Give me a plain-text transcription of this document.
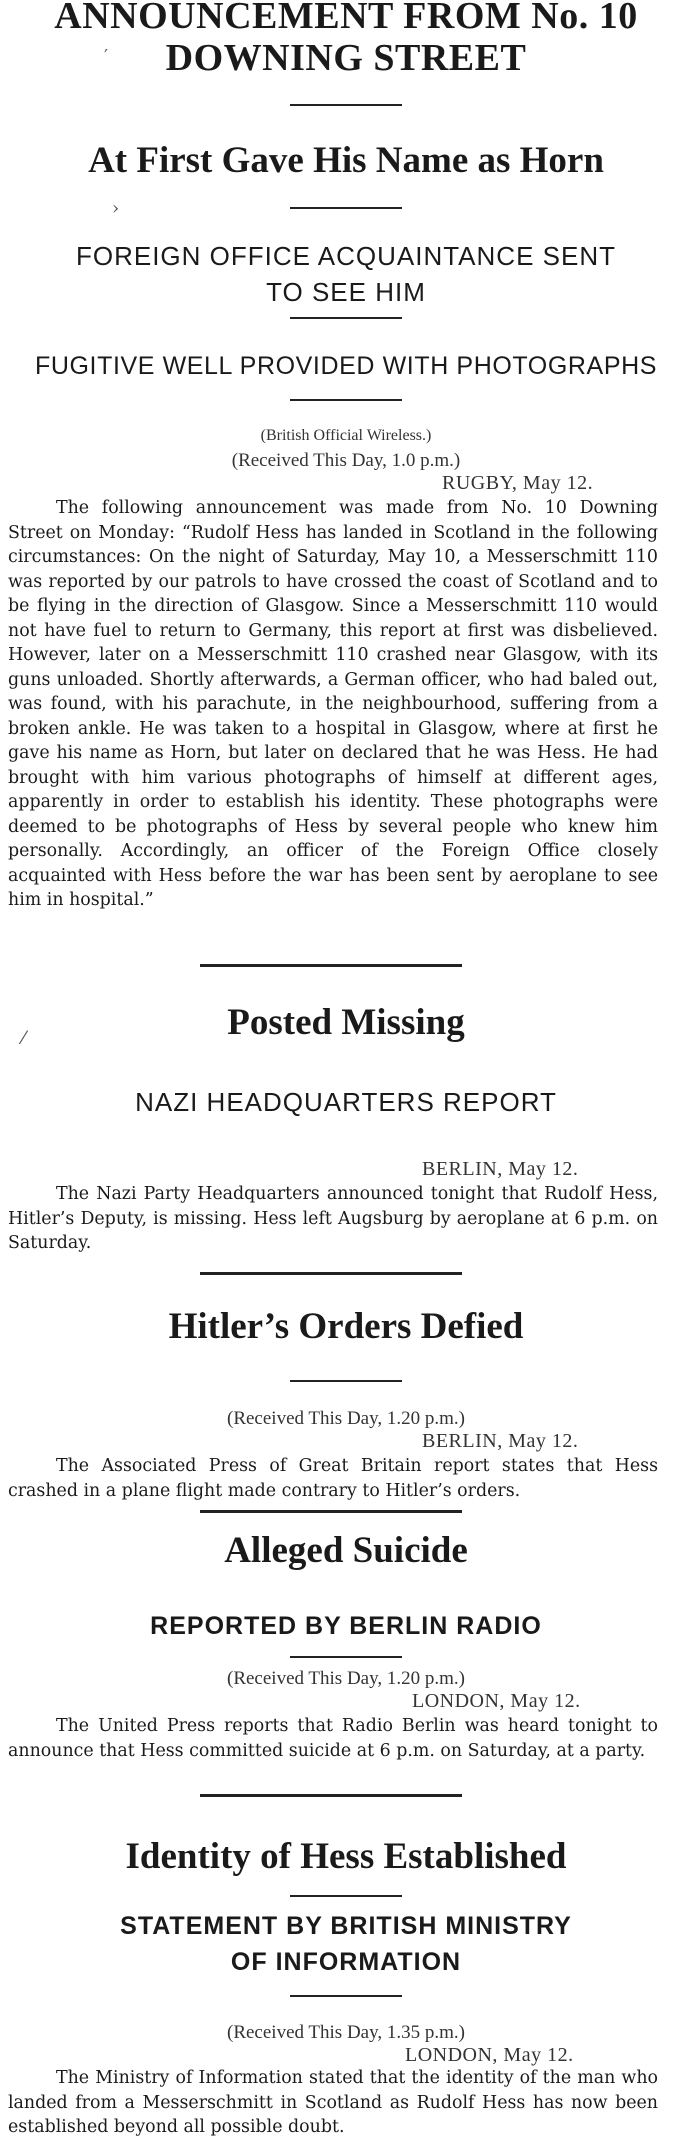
ANNOUNCEMENT FROM No. 10
DOWNING STREET
′
At First Gave His Name as Horn
›
FOREIGN OFFICE ACQUAINTANCE SENT
TO SEE HIM
FUGITIVE WELL PROVIDED WITH PHOTOGRAPHS
(British Official Wireless.)
(Received This Day, 1.0 p.m.)
RUGBY, May 12.
The following announcement was made from No. 10 Downing Street on Monday: “Rudolf Hess has landed in Scotland in the following circumstances: On the night of Saturday, May 10, a Messerschmitt 110 was reported by our patrols to have crossed the coast of Scotland and to be flying in the direction of Glasgow. Since a Messerschmitt 110 would not have fuel to return to Germany, this report at first was disbelieved. However, later on a Messerschmitt 110 crashed near Glasgow, with its guns unloaded. Shortly afterwards, a German officer, who had baled out, was found, with his parachute, in the neighbourhood, suffering from a broken ankle. He was taken to a hospital in Glasgow, where at first he gave his name as Horn, but later on declared that he was Hess. He had brought with him various photographs of himself at different ages, apparently in order to establish his identity. These photographs were deemed to be photographs of Hess by several people who knew him personally. Accordingly, an officer of the Foreign Office closely acquainted with Hess before the war has been sent by aeroplane to see him in hospital.”
Posted Missing
⁄
NAZI HEADQUARTERS REPORT
BERLIN, May 12.
The Nazi Party Headquarters announced tonight that Rudolf Hess, Hitler’s Deputy, is missing. Hess left Augsburg by aeroplane at 6 p.m. on Saturday.
Hitler’s Orders Defied
(Received This Day, 1.20 p.m.)
BERLIN, May 12.
The Associated Press of Great Britain report states that Hess crashed in a plane flight made contrary to Hitler’s orders.
Alleged Suicide
REPORTED BY BERLIN RADIO
(Received This Day, 1.20 p.m.)
LONDON, May 12.
The United Press reports that Radio Berlin was heard tonight to announce that Hess committed suicide at 6 p.m. on Saturday, at a party.
Identity of Hess Established
STATEMENT BY BRITISH MINISTRY
OF INFORMATION
(Received This Day, 1.35 p.m.)
LONDON, May 12.
The Ministry of Information stated that the identity of the man who landed from a Messerschmitt in Scotland as Rudolf Hess has now been established beyond all possible doubt.
